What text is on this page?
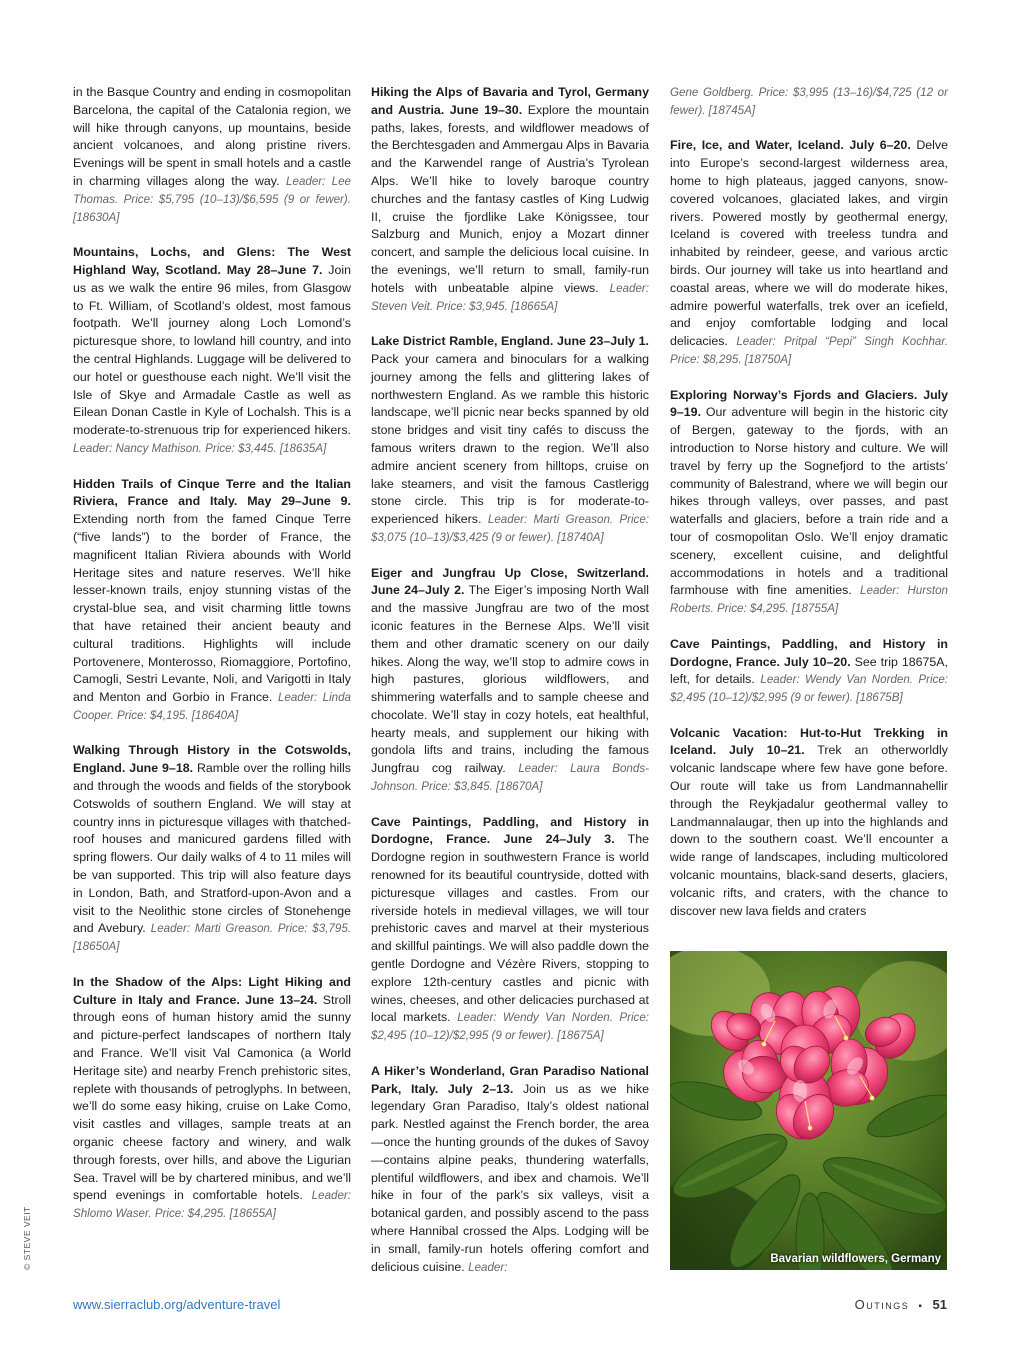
in the Basque Country and ending in cosmopolitan Barcelona, the capital of the Catalonia region, we will hike through canyons, up mountains, beside ancient volcanoes, and along pristine rivers. Evenings will be spent in small hotels and a castle in charming villages along the way. Leader: Lee Thomas. Price: $5,795 (10–13)/$6,595 (9 or fewer). [18630A]

Mountains, Lochs, and Glens: The West Highland Way, Scotland. May 28–June 7. Join us as we walk the entire 96 miles, from Glasgow to Ft. William, of Scotland’s oldest, most famous footpath. We’ll journey along Loch Lomond’s picturesque shore, to lowland hill country, and into the central Highlands. Luggage will be delivered to our hotel or guesthouse each night. We’ll visit the Isle of Skye and Armadale Castle as well as Eilean Donan Castle in Kyle of Lochalsh. This is a moderate-to-strenuous trip for experienced hikers. Leader: Nancy Mathison. Price: $3,445. [18635A]

Hidden Trails of Cinque Terre and the Italian Riviera, France and Italy. May 29–June 9. Extending north from the famed Cinque Terre (“five lands”) to the border of France, the magnificent Italian Riviera abounds with World Heritage sites and nature reserves. We’ll hike lesser-known trails, enjoy stunning vistas of the crystal-blue sea, and visit charming little towns that have retained their ancient beauty and cultural traditions. Highlights will include Portovenere, Monterosso, Riomaggiore, Portofino, Camogli, Sestri Levante, Noli, and Varigotti in Italy and Menton and Gorbio in France. Leader: Linda Cooper. Price: $4,195. [18640A]

Walking Through History in the Cotswolds, England. June 9–18. Ramble over the rolling hills and through the woods and fields of the storybook Cotswolds of southern England. We will stay at country inns in picturesque villages with thatched-roof houses and manicured gardens filled with spring flowers. Our daily walks of 4 to 11 miles will be van supported. This trip will also feature days in London, Bath, and Stratford-upon-Avon and a visit to the Neolithic stone circles of Stonehenge and Avebury. Leader: Marti Greason. Price: $3,795. [18650A]

In the Shadow of the Alps: Light Hiking and Culture in Italy and France. June 13–24. Stroll through eons of human history amid the sunny and picture-perfect landscapes of northern Italy and France. We’ll visit Val Camonica (a World Heritage site) and nearby French prehistoric sites, replete with thousands of petroglyphs. In between, we’ll do some easy hiking, cruise on Lake Como, visit castles and villages, sample treats at an organic cheese factory and winery, and walk through forests, over hills, and above the Ligurian Sea. Travel will be by chartered minibus, and we’ll spend evenings in comfortable hotels. Leader: Shlomo Waser. Price: $4,295. [18655A]

Hiking the Alps of Bavaria and Tyrol, Germany and Austria. June 19–30. Explore the mountain paths, lakes, forests, and wildflower meadows of the Berchtesgaden and Ammergau Alps in Bavaria and the Karwendel range of Austria’s Tyrolean Alps. We’ll hike to lovely baroque country churches and the fantasy castles of King Ludwig II, cruise the fjordlike Lake Königssee, tour Salzburg and Munich, enjoy a Mozart dinner concert, and sample the delicious local cuisine. In the evenings, we’ll return to small, family-run hotels with unbeatable alpine views. Leader: Steven Veit. Price: $3,945. [18665A]

Lake District Ramble, England. June 23–July 1. Pack your camera and binoculars for a walking journey among the fells and glittering lakes of northwestern England. As we ramble this historic landscape, we’ll picnic near becks spanned by old stone bridges and visit tiny cafés to discuss the famous writers drawn to the region. We’ll also admire ancient scenery from hilltops, cruise on lake steamers, and visit the famous Castlerigg stone circle. This trip is for moderate-to-experienced hikers. Leader: Marti Greason. Price: $3,075 (10–13)/$3,425 (9 or fewer). [18740A]

Eiger and Jungfrau Up Close, Switzerland. June 24–July 2. The Eiger’s imposing North Wall and the massive Jungfrau are two of the most iconic features in the Bernese Alps. We’ll visit them and other dramatic scenery on our daily hikes. Along the way, we’ll stop to admire cows in high pastures, glorious wildflowers, and shimmering waterfalls and to sample cheese and chocolate. We’ll stay in cozy hotels, eat healthful, hearty meals, and supplement our hiking with gondola lifts and trains, including the famous Jungfrau cog railway. Leader: Laura Bonds-Johnson. Price: $3,845. [18670A]

Cave Paintings, Paddling, and History in Dordogne, France. June 24–July 3. The Dordogne region in southwestern France is world renowned for its beautiful countryside, dotted with picturesque villages and castles. From our riverside hotels in medieval villages, we will tour prehistoric caves and marvel at their mysterious and skillful paintings. We will also paddle down the gentle Dordogne and Vézère Rivers, stopping to explore 12th-century castles and picnic with wines, cheeses, and other delicacies purchased at local markets. Leader: Wendy Van Norden. Price: $2,495 (10–12)/$2,995 (9 or fewer). [18675A]

A Hiker’s Wonderland, Gran Paradiso National Park, Italy. July 2–13. Join us as we hike legendary Gran Paradiso, Italy’s oldest national park. Nestled against the French border, the area—once the hunting grounds of the dukes of Savoy—contains alpine peaks, thundering waterfalls, plentiful wildflowers, and ibex and chamois. We’ll hike in four of the park’s six valleys, visit a botanical garden, and possibly ascend to the pass where Hannibal crossed the Alps. Lodging will be in small, family-run hotels offering comfort and delicious cuisine. Leader:

Gene Goldberg. Price: $3,995 (13–16)/$4,725 (12 or fewer). [18745A]

Fire, Ice, and Water, Iceland. July 6–20. Delve into Europe’s second-largest wilderness area, home to high plateaus, jagged canyons, snow-covered volcanoes, glaciated lakes, and virgin rivers. Powered mostly by geothermal energy, Iceland is covered with treeless tundra and inhabited by reindeer, geese, and various arctic birds. Our journey will take us into heartland and coastal areas, where we will do moderate hikes, admire powerful waterfalls, trek over an icefield, and enjoy comfortable lodging and local delicacies. Leader: Pritpal “Pepi” Singh Kochhar. Price: $8,295. [18750A]

Exploring Norway’s Fjords and Glaciers. July 9–19. Our adventure will begin in the historic city of Bergen, gateway to the fjords, with an introduction to Norse history and culture. We will travel by ferry up the Sognefjord to the artists’ community of Balestrand, where we will begin our hikes through valleys, over passes, and past waterfalls and glaciers, before a train ride and a tour of cosmopolitan Oslo. We’ll enjoy dramatic scenery, excellent cuisine, and delightful accommodations in hotels and a traditional farmhouse with fine amenities. Leader: Hurston Roberts. Price: $4,295. [18755A]

Cave Paintings, Paddling, and History in Dordogne, France. July 10–20. See trip 18675A, left, for details. Leader: Wendy Van Norden. Price: $2,495 (10–12)/$2,995 (9 or fewer). [18675B]

Volcanic Vacation: Hut-to-Hut Trekking in Iceland. July 10–21. Trek an otherworldly volcanic landscape where few have gone before. Our route will take us from Landmannahellir through the Reykjadalur geothermal valley to Landmannalaugar, then up into the highlands and down to the southern coast. We’ll encounter a wide range of landscapes, including multicolored volcanic mountains, black-sand deserts, glaciers, volcanic rifts, and craters, with the chance to discover new lava fields and craters

Bavarian wildflowers, Germany
© STEVE VEIT
www.sierraclub.org/adventure-travel	Outings ▪ 51
